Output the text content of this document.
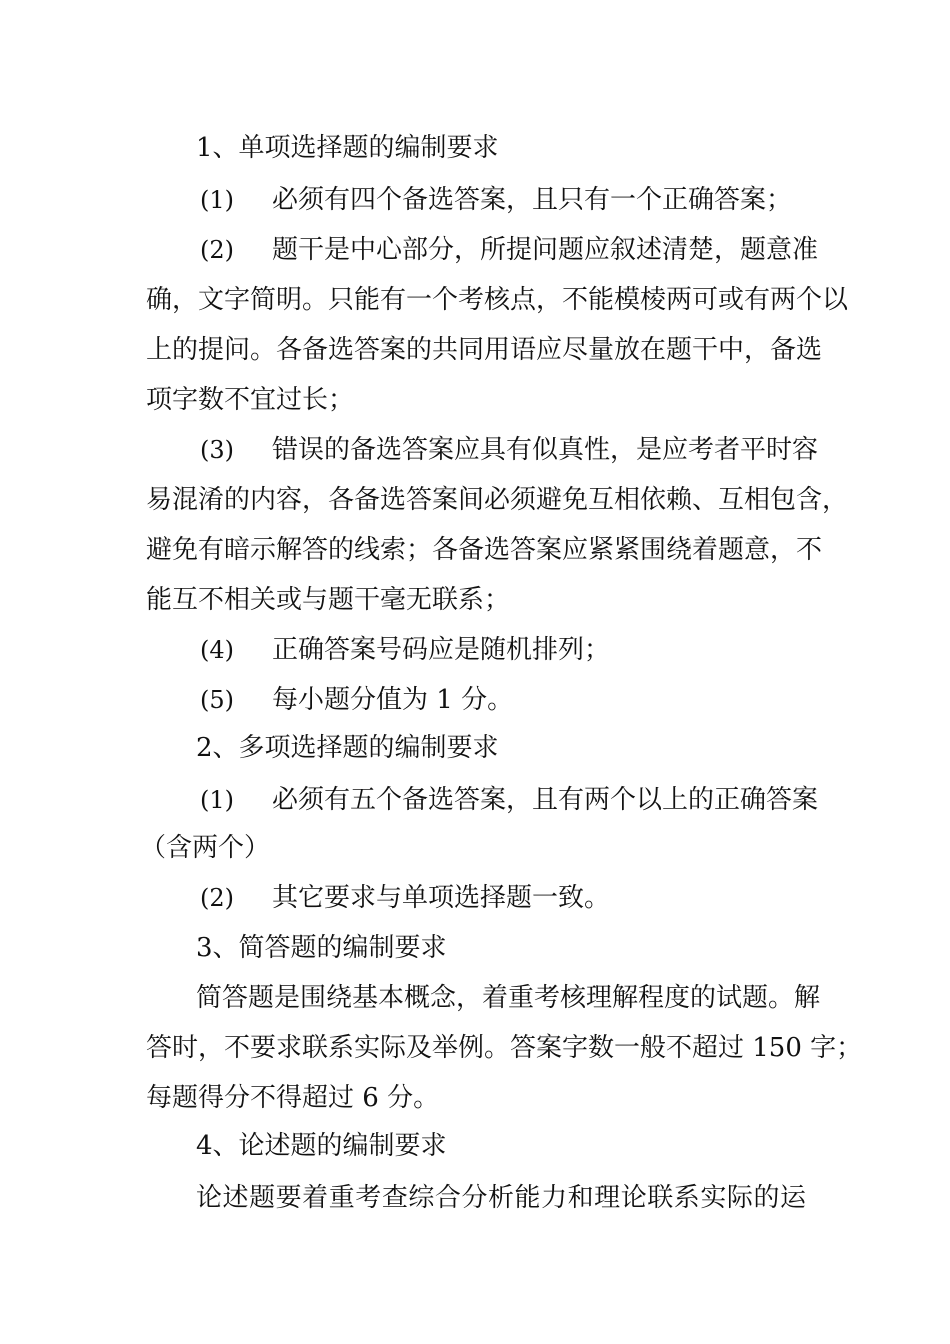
1、单项选择题的编制要求
(1) 必须有四个备选答案，且只有一个正确答案；
(2) 题干是中心部分，所提问题应叙述清楚，题意准
确，文字简明。只能有一个考核点，不能模棱两可或有两个以
上的提问。各备选答案的共同用语应尽量放在题干中，备选
项字数不宜过长；
(3) 错误的备选答案应具有似真性，是应考者平时容
易混淆的内容，各备选答案间必须避免互相依赖、互相包含，
避免有暗示解答的线索；各备选答案应紧紧围绕着题意，不
能互不相关或与题干毫无联系；
(4) 正确答案号码应是随机排列；
(5) 每小题分值为 1 分。
2、多项选择题的编制要求
(1) 必须有五个备选答案，且有两个以上的正确答案
（含两个）
(2) 其它要求与单项选择题一致。
3、简答题的编制要求
简答题是围绕基本概念，着重考核理解程度的试题。解
答时，不要求联系实际及举例。答案字数一般不超过 150 字；
每题得分不得超过 6 分。
4、论述题的编制要求
论述题要着重考查综合分析能力和理论联系实际的运
